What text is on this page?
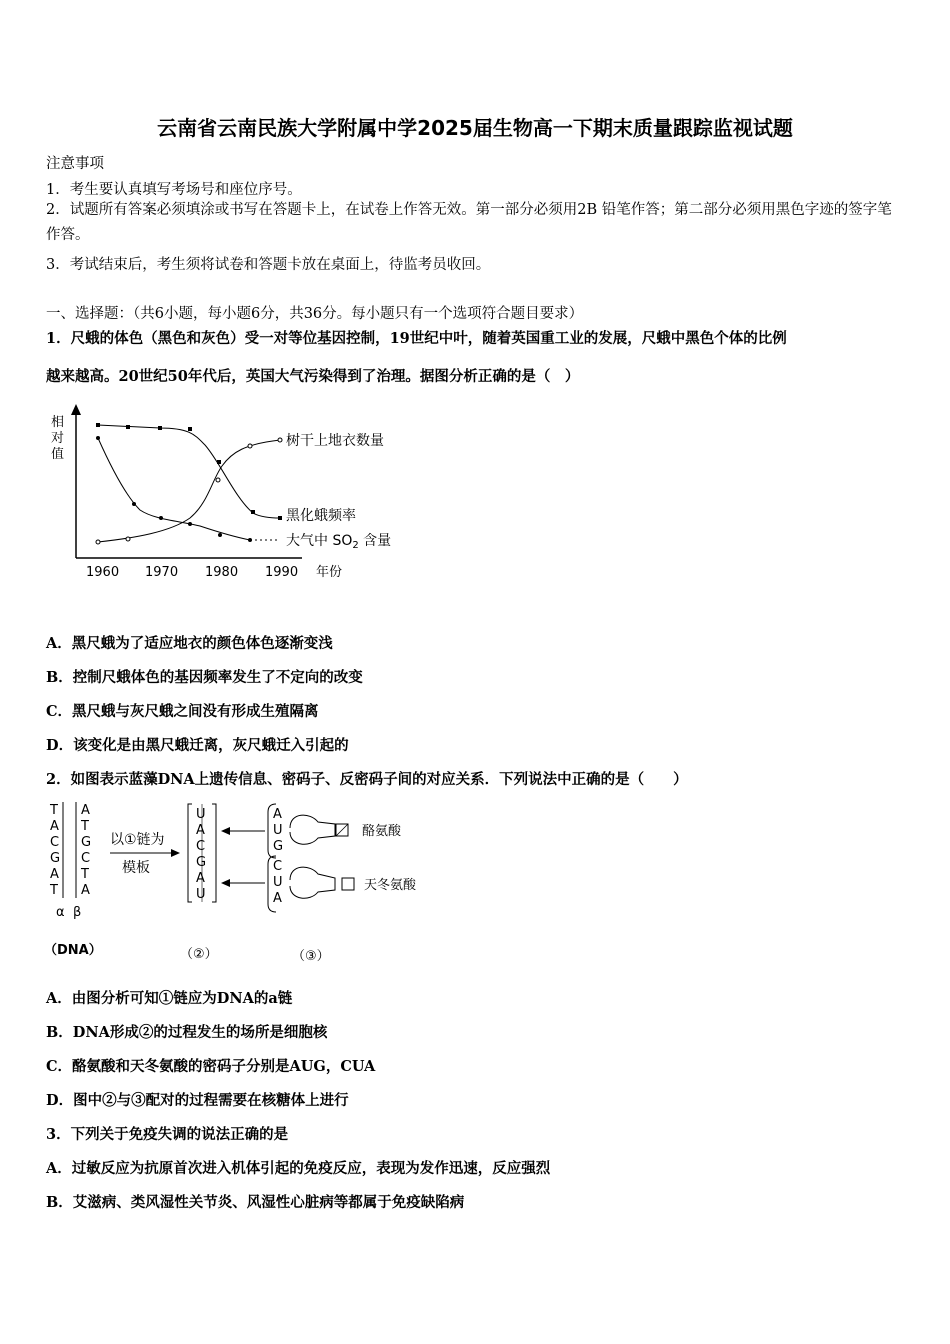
云南省云南民族大学附属中学2025届生物高一下期末质量跟踪监视试题
注意事项
1．考生要认真填写考场号和座位序号。
2．试题所有答案必须填涂或书写在答题卡上，在试卷上作答无效。第一部分必须用2B 铅笔作答；第二部分必须用黑色字迹的签字笔作答。
3．考试结束后，考生须将试卷和答题卡放在桌面上，待监考员收回。
一、选择题：（共6小题，每小题6分，共36分。每小题只有一个选项符合题目要求）
1．尺蛾的体色（黑色和灰色）受一对等位基因控制，19世纪中叶，随着英国重工业的发展，尺蛾中黑色个体的比例
越来越高。20世纪50年代后，英国大气污染得到了治理。据图分析正确的是（　）
相
对
值
树干上地衣数量
黑化蛾频率
大气中 $SO_2$ 含量
1960 1970 1980 1990 年份
A．黑尺蛾为了适应地衣的颜色体色逐渐变浅
B．控制尺蛾体色的基因频率发生了不定向的改变
C．黑尺蛾与灰尺蛾之间没有形成生殖隔离
D．该变化是由黑尺蛾迁离，灰尺蛾迁入引起的
2．如图表示蓝藻DNA上遗传信息、密码子、反密码子间的对应关系．下列说法中正确的是（　　）
T
A
C
G
A
T
A
T
G
C
T
A
α β
以①链为
模板
U
A
C
G
A
U
A
U
G
酪氨酸
C
U
A
天冬氨酸
（DNA）	（②）	（③）
A．由图分析可知①链应为DNA的a链
B．DNA形成②的过程发生的场所是细胞核
C．酪氨酸和天冬氨酸的密码子分别是AUG，CUA
D．图中②与③配对的过程需要在核糖体上进行
3．下列关于免疫失调的说法正确的是
A．过敏反应为抗原首次进入机体引起的免疫反应，表现为发作迅速，反应强烈
B．艾滋病、类风湿性关节炎、风湿性心脏病等都属于免疫缺陷病
